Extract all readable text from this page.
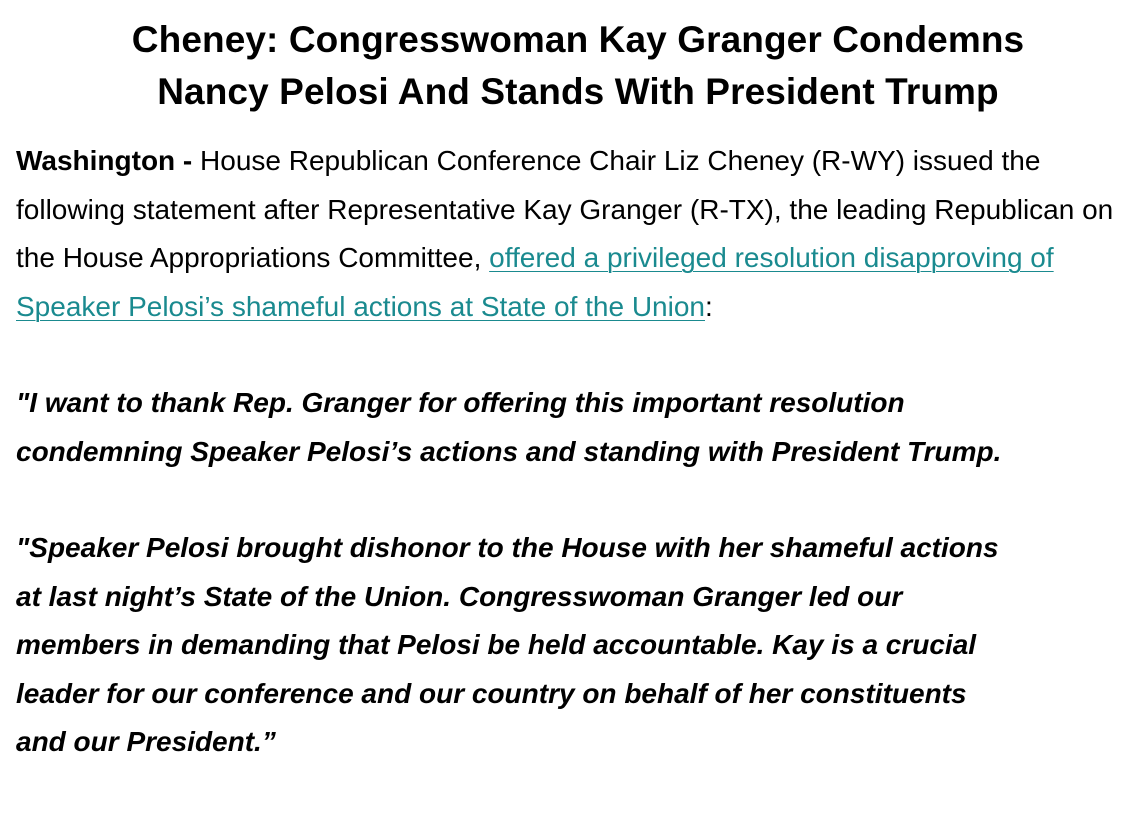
Cheney: Congresswoman Kay Granger Condemns
Nancy Pelosi And Stands With President Trump

Washington - House Republican Conference Chair Liz Cheney (R-WY) issued the following statement after Representative Kay Granger (R-TX), the leading Republican on the House Appropriations Committee, offered a privileged resolution disapproving of Speaker Pelosi’s shameful actions at State of the Union:

"I want to thank Rep. Granger for offering this important resolution
condemning Speaker Pelosi’s actions and standing with President Trump.

"Speaker Pelosi brought dishonor to the House with her shameful actions
at last night’s State of the Union. Congresswoman Granger led our
members in demanding that Pelosi be held accountable. Kay is a crucial
leader for our conference and our country on behalf of her constituents
and our President.”
